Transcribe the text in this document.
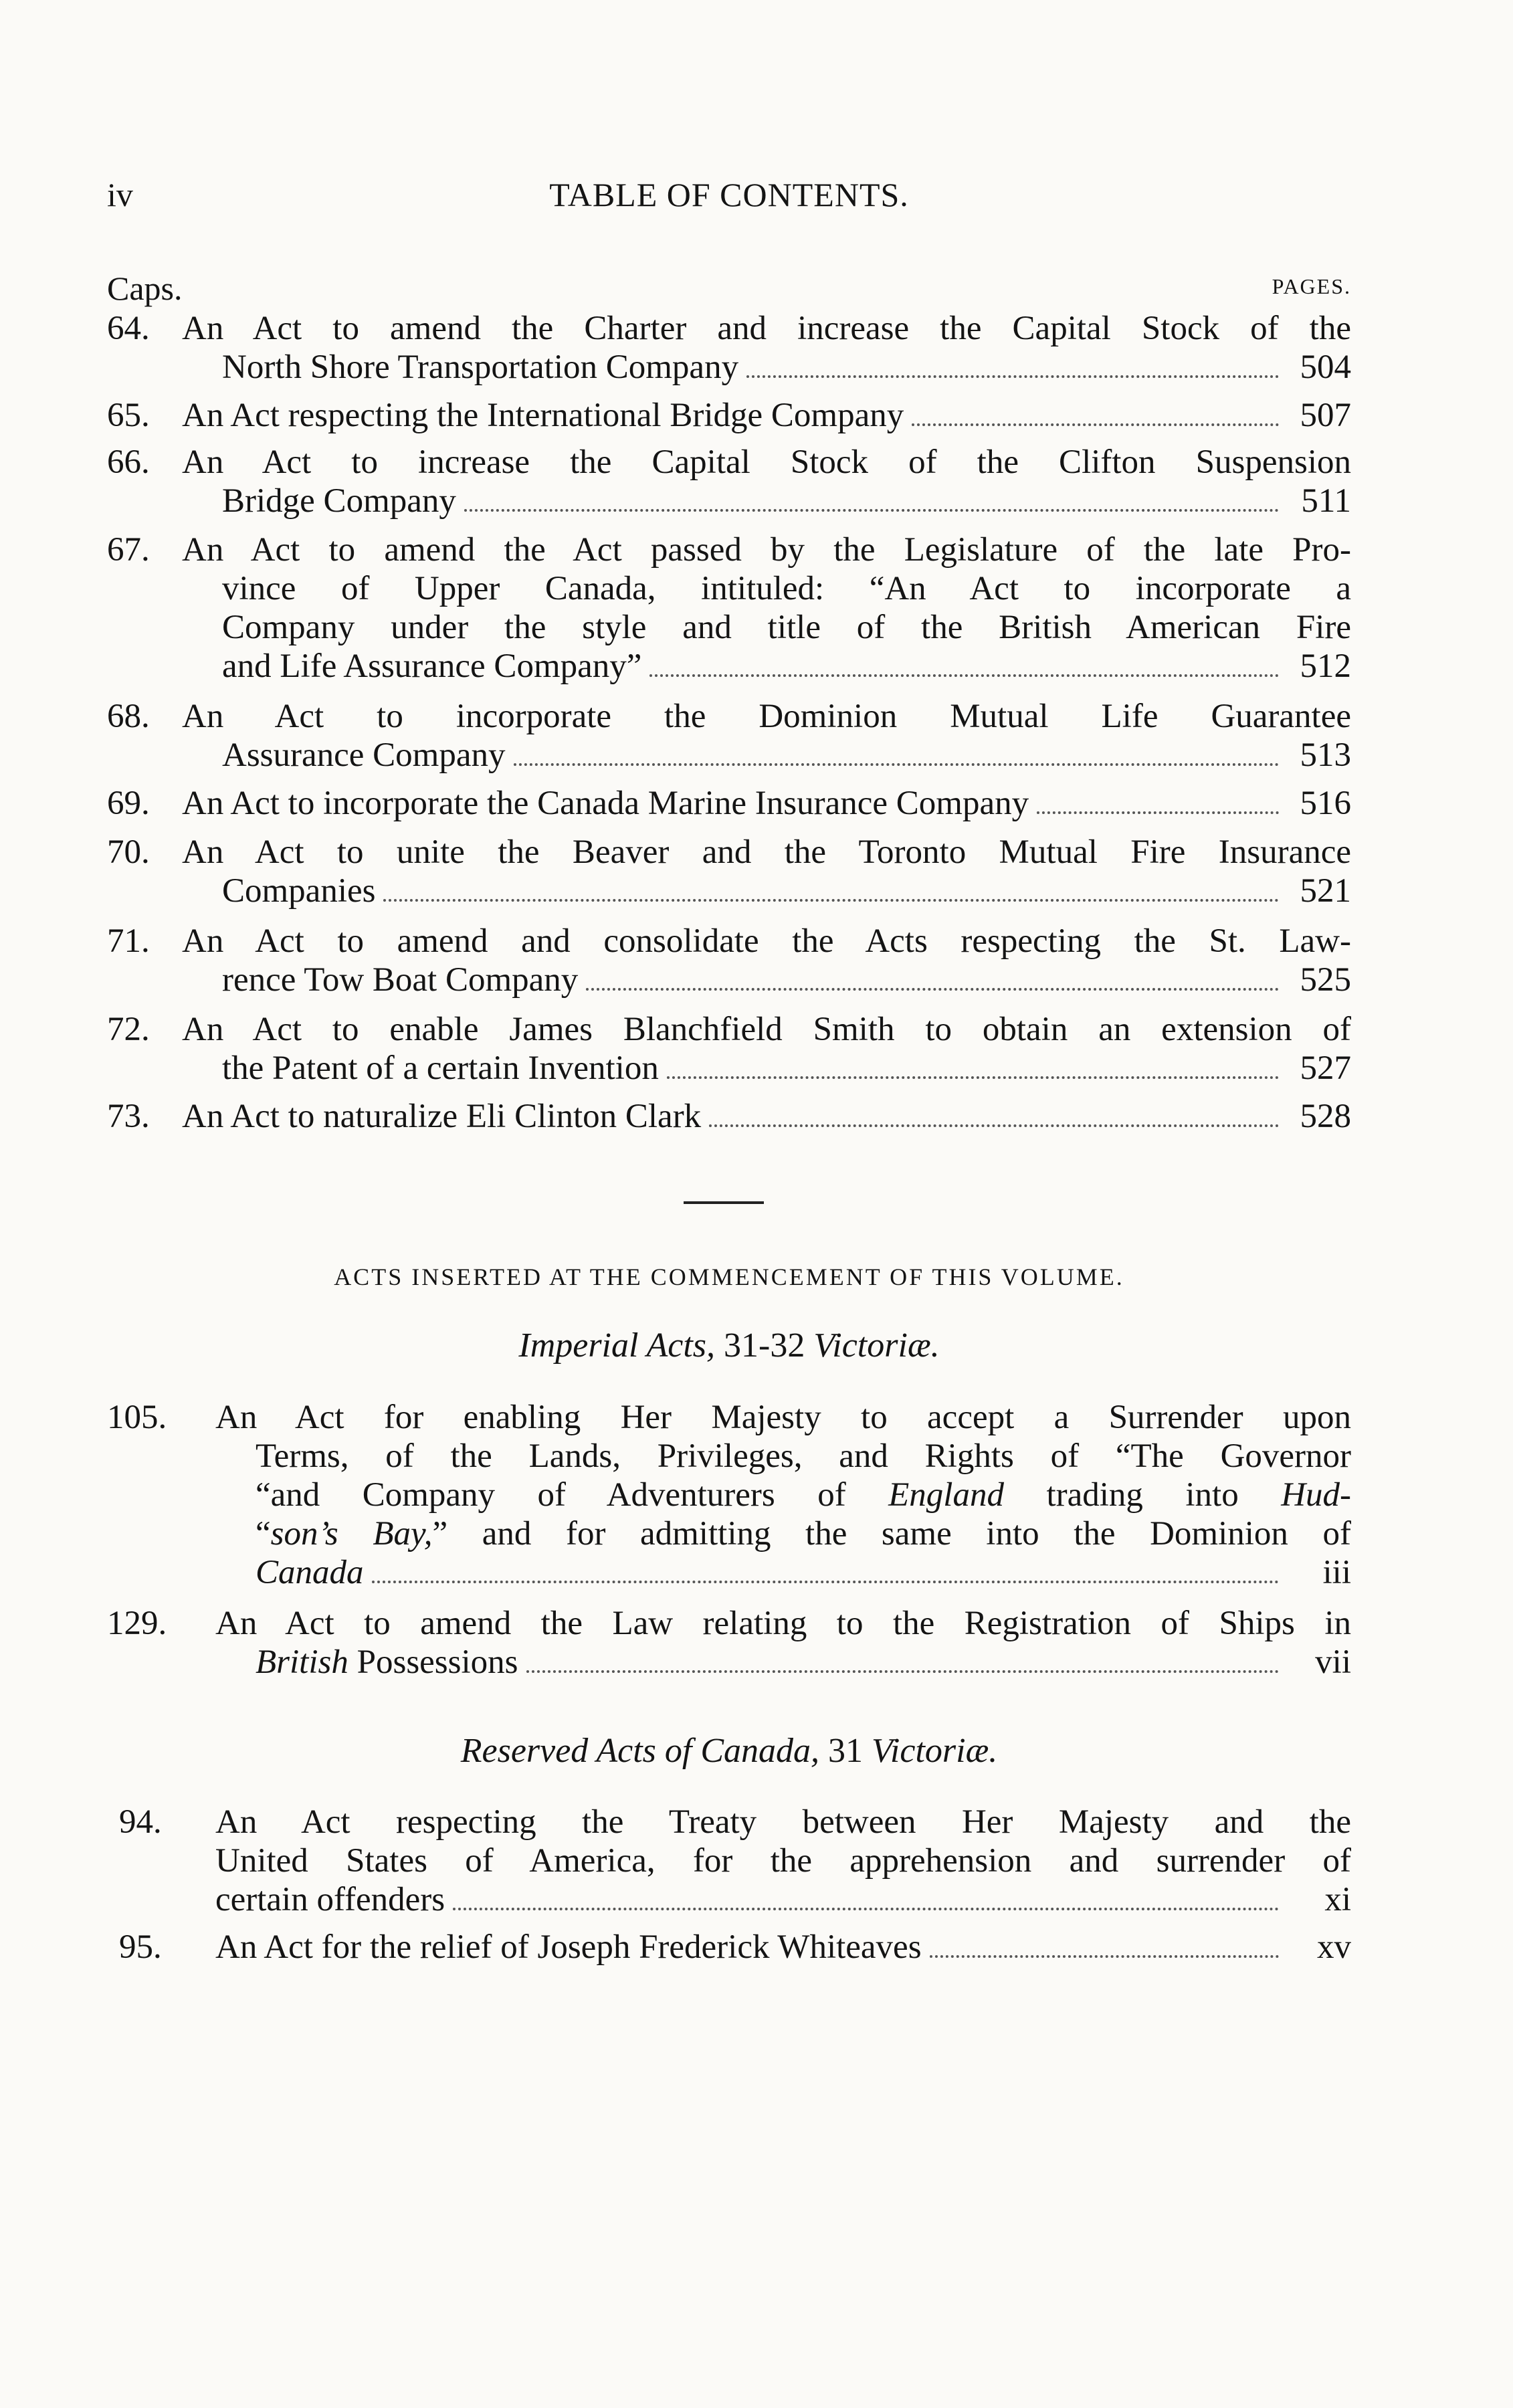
TABLE OF CONTENTS.
iv
Caps.	PAGES.
64. An Act to amend the Charter and increase the Capital Stock of the
North Shore Transportation Company	504
65. An Act respecting the International Bridge Company	507
66. An Act to increase the Capital Stock of the Clifton Suspension
Bridge Company	511
67. An Act to amend the Act passed by the Legislature of the late Pro-
vince of Upper Canada, intituled: “An Act to incorporate a
Company under the style and title of the British American Fire
and Life Assurance Company”	512
68. An Act to incorporate the Dominion Mutual Life Guarantee
Assurance Company	513
69. An Act to incorporate the Canada Marine Insurance Company	516
70. An Act to unite the Beaver and the Toronto Mutual Fire Insurance
Companies	521
71. An Act to amend and consolidate the Acts respecting the St. Law-
rence Tow Boat Company	525
72. An Act to enable James Blanchfield Smith to obtain an extension of
the Patent of a certain Invention	527
73. An Act to naturalize Eli Clinton Clark	528
ACTS INSERTED AT THE COMMENCEMENT OF THIS VOLUME.
Imperial Acts, 31-32 Victoriæ.
105. An Act for enabling Her Majesty to accept a Surrender upon
Terms, of the Lands, Privileges, and Rights of “The Governor
“and Company of Adventurers of England trading into Hud-
“son’s Bay,” and for admitting the same into the Dominion of
Canada	iii
129. An Act to amend the Law relating to the Registration of Ships in
British Possessions	vii
Reserved Acts of Canada, 31 Victoriæ.
94. An Act respecting the Treaty between Her Majesty and the
United States of America, for the apprehension and surrender of
certain offenders	xi
95. An Act for the relief of Joseph Frederick Whiteaves	xv
